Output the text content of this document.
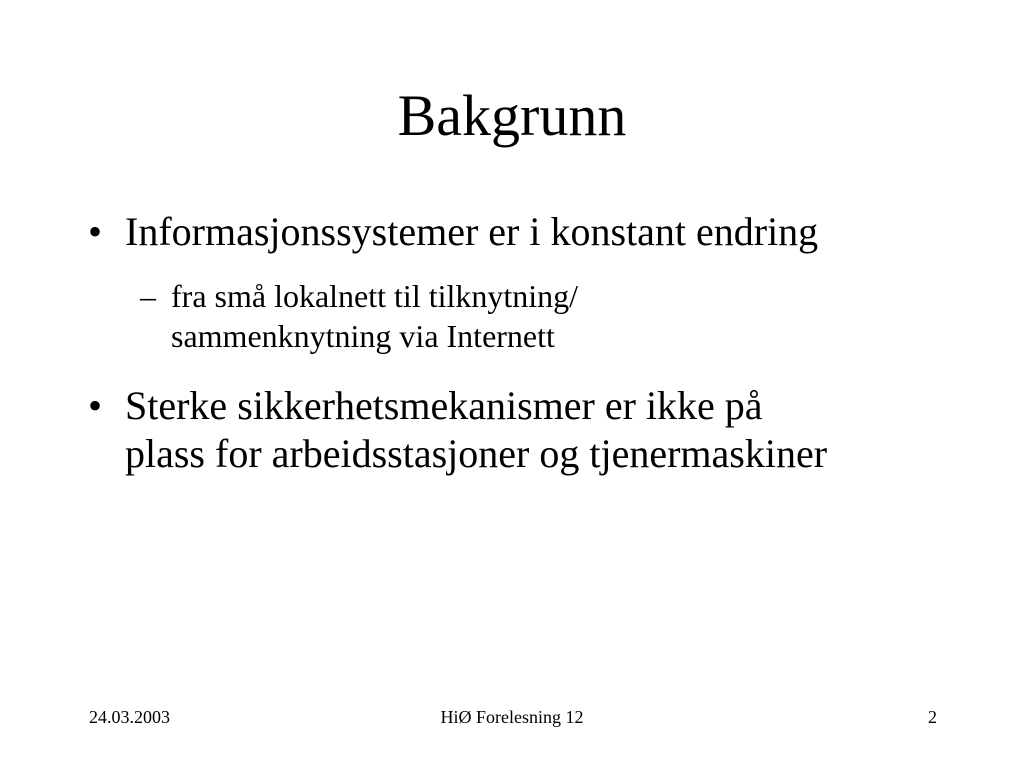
Bakgrunn
• Informasjonssystemer er i konstant endring
– fra små lokalnett til tilknytning/
sammenknytning via Internett
• Sterke sikkerhetsmekanismer er ikke på
plass for arbeidsstasjoner og tjenermaskiner
24.03.2003	HiØ Forelesning 12	2
